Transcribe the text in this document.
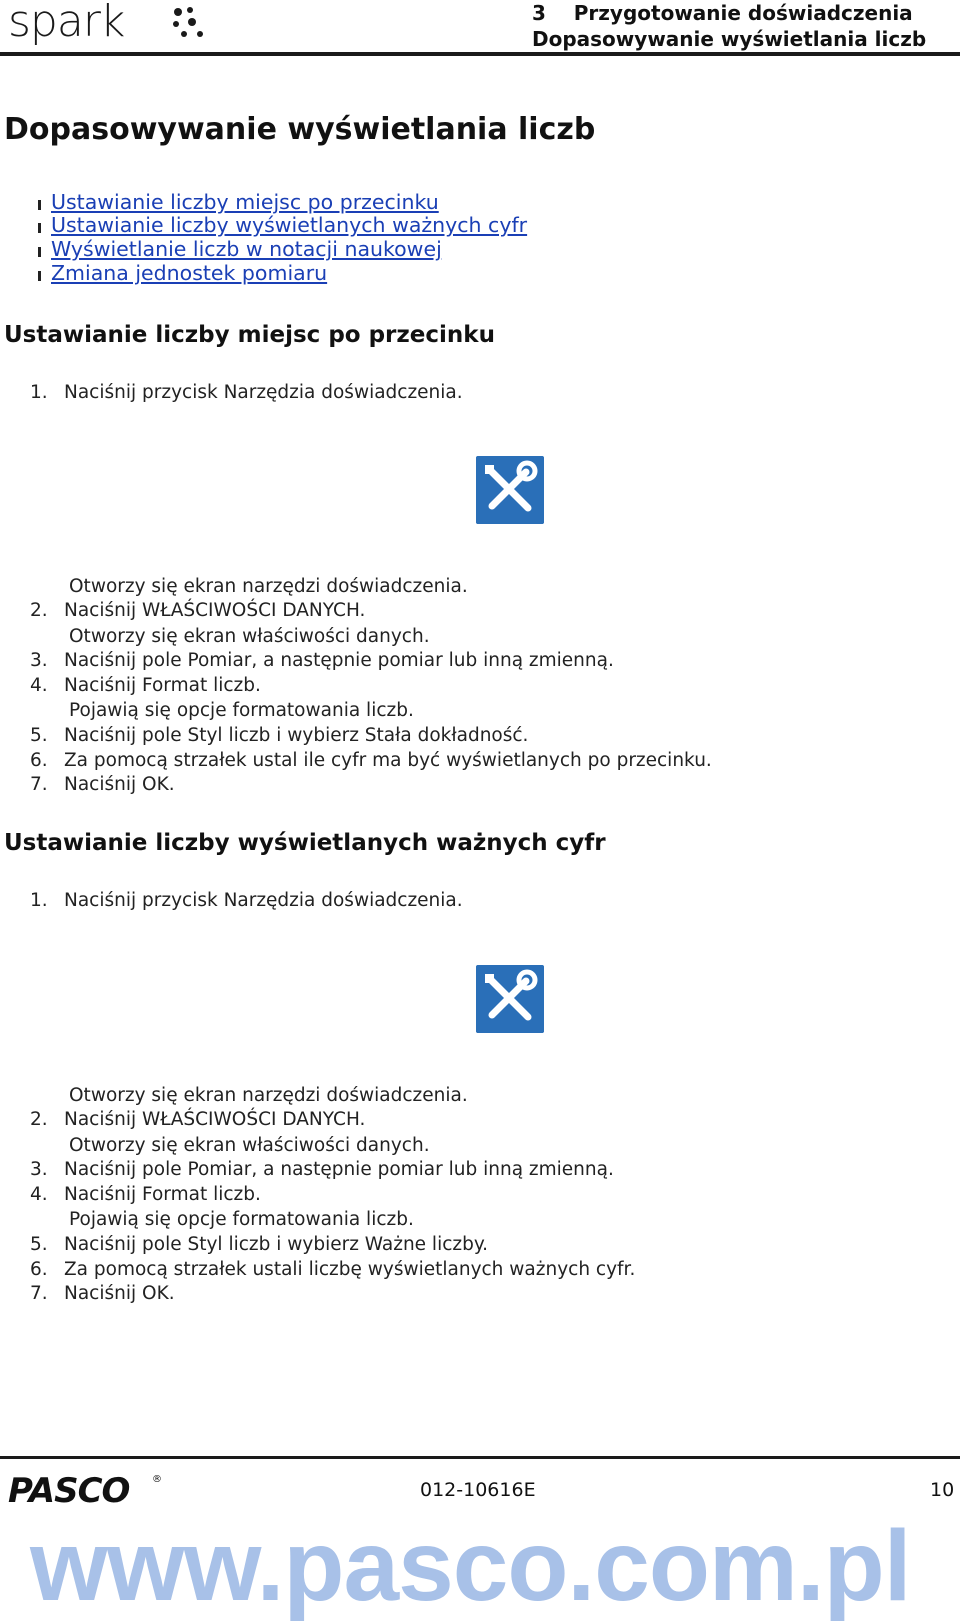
spark	3    Przygotowanie doświadczenia
Dopasowywanie wyświetlania liczb
Dopasowywanie wyświetlania liczb
Ustawianie liczby miejsc po przecinku
Ustawianie liczby wyświetlanych ważnych cyfr
Wyświetlanie liczb w notacji naukowej
Zmiana jednostek pomiaru
Ustawianie liczby miejsc po przecinku
1. Naciśnij przycisk Narzędzia doświadczenia.
Otworzy się ekran narzędzi doświadczenia.
2. Naciśnij WŁAŚCIWOŚCI DANYCH.
Otworzy się ekran właściwości danych.
3. Naciśnij pole Pomiar, a następnie pomiar lub inną zmienną.
4. Naciśnij Format liczb.
Pojawią się opcje formatowania liczb.
5. Naciśnij pole Styl liczb i wybierz Stała dokładność.
6. Za pomocą strzałek ustal ile cyfr ma być wyświetlanych po przecinku.
7. Naciśnij OK.
Ustawianie liczby wyświetlanych ważnych cyfr
1. Naciśnij przycisk Narzędzia doświadczenia.
Otworzy się ekran narzędzi doświadczenia.
2. Naciśnij WŁAŚCIWOŚCI DANYCH.
Otworzy się ekran właściwości danych.
3. Naciśnij pole Pomiar, a następnie pomiar lub inną zmienną.
4. Naciśnij Format liczb.
Pojawią się opcje formatowania liczb.
5. Naciśnij pole Styl liczb i wybierz Ważne liczby.
6. Za pomocą strzałek ustali liczbę wyświetlanych ważnych cyfr.
7. Naciśnij OK.
PASCO ®	012-10616E	10
www.pasco.com.pl
